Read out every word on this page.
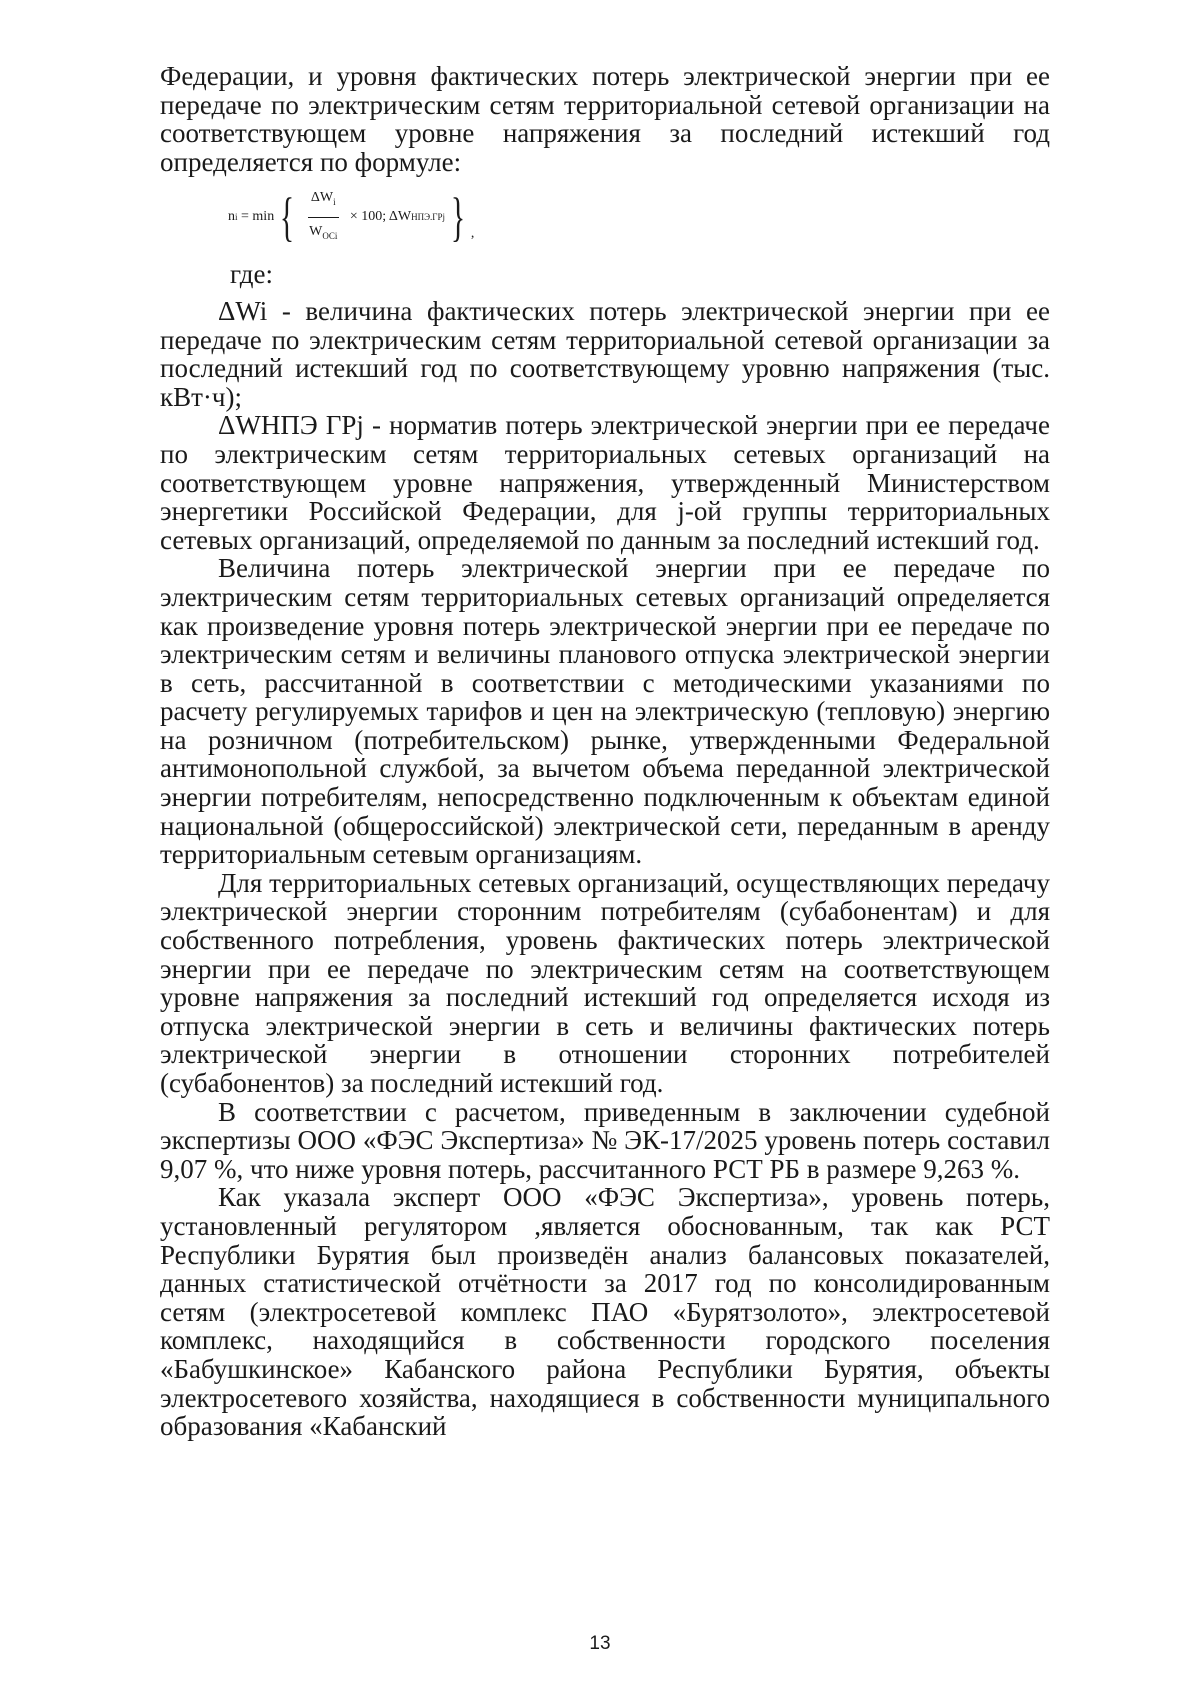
Федерации, и уровня фактических потерь электрической энергии при ее передаче по электрическим сетям территориальной сетевой организации на соответствующем уровне напряжения за последний истекший год определяется по формуле:

n i = min { $\frac{\Delta W_i}{W_{OCi}} \times 100$; ΔW НПЭ.ГРj } ,

где:

ΔWi - величина фактических потерь электрической энергии при ее передаче по электрическим сетям территориальной сетевой организации за последний истекший год по соответствующему уровню напряжения (тыс. кВт·ч);

ΔWНПЭ ГРj - норматив потерь электрической энергии при ее передаче по электрическим сетям территориальных сетевых организаций на соответствующем уровне напряжения, утвержденный Министерством энергетики Российской Федерации, для j-ой группы территориальных сетевых организаций, определяемой по данным за последний истекший год.

Величина потерь электрической энергии при ее передаче по электрическим сетям территориальных сетевых организаций определяется как произведение уровня потерь электрической энергии при ее передаче по электрическим сетям и величины планового отпуска электрической энергии в сеть, рассчитанной в соответствии с методическими указаниями по расчету регулируемых тарифов и цен на электрическую (тепловую) энергию на розничном (потребительском) рынке, утвержденными Федеральной антимонопольной службой, за вычетом объема переданной электрической энергии потребителям, непосредственно подключенным к объектам единой национальной (общероссийской) электрической сети, переданным в аренду территориальным сетевым организациям.

Для территориальных сетевых организаций, осуществляющих передачу электрической энергии сторонним потребителям (субабонентам) и для собственного потребления, уровень фактических потерь электрической энергии при ее передаче по электрическим сетям на соответствующем уровне напряжения за последний истекший год определяется исходя из отпуска электрической энергии в сеть и величины фактических потерь электрической энергии в отношении сторонних потребителей (субабонентов) за последний истекший год.

В соответствии с расчетом, приведенным в заключении судебной экспертизы ООО «ФЭС Экспертиза» № ЭК-17/2025 уровень потерь составил 9,07 %, что ниже уровня потерь, рассчитанного РСТ РБ в размере 9,263 %.

Как указала эксперт ООО «ФЭС Экспертиза», уровень потерь, установленный регулятором ,является обоснованным, так как РСТ Республики Бурятия был произведён анализ балансовых показателей, данных статистической отчётности за 2017 год по консолидированным сетям (электросетевой комплекс ПАО «Бурятзолото», электросетевой комплекс, находящийся в собственности городского поселения «Бабушкинское» Кабанского района Республики Бурятия, объекты электросетевого хозяйства, находящиеся в собственности муниципального образования «Кабанский

13
